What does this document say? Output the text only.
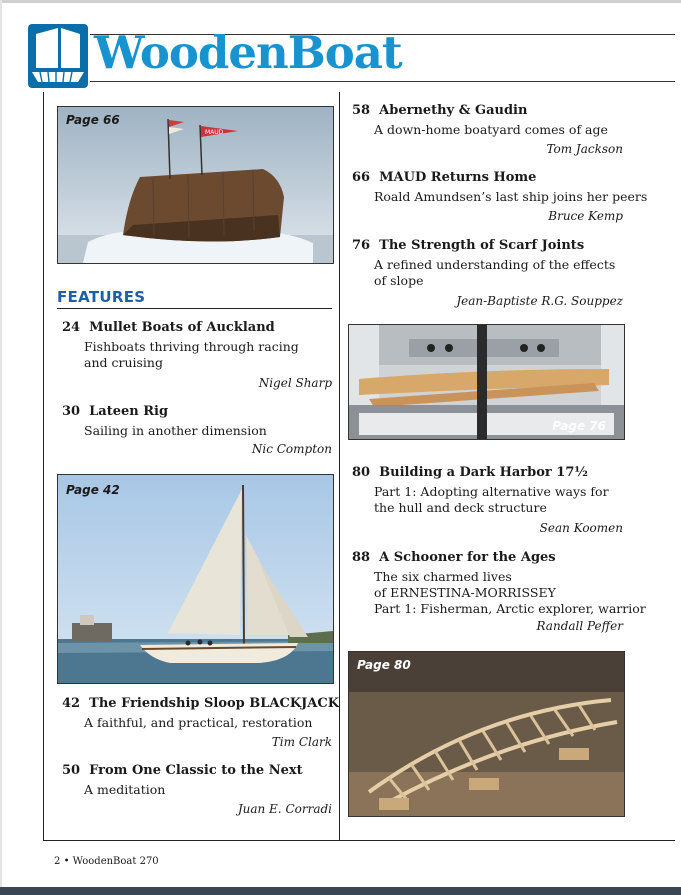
WoodenBoat
MAUD
Page 66
FEATURES
24 Mullet Boats of Auckland
Fishboats thriving through racing
and cruising
Nigel Sharp
30 Lateen Rig
Sailing in another dimension
Nic Compton
Page 42
42 The Friendship Sloop BLACKJACK
A faithful, and practical, restoration
Tim Clark
50 From One Classic to the Next
A meditation
Juan E. Corradi
58 Abernethy & Gaudin
A down-home boatyard comes of age
Tom Jackson
66 MAUD Returns Home
Roald Amundsen’s last ship joins her peers
Bruce Kemp
76 The Strength of Scarf Joints
A refined understanding of the effects
of slope
Jean-Baptiste R.G. Souppez
Page 76
80 Building a Dark Harbor 17½
Part 1: Adopting alternative ways for
the hull and deck structure
Sean Koomen
88 A Schooner for the Ages
The six charmed lives
of ERNESTINA-MORRISSEY
Part 1: Fisherman, Arctic explorer, warrior
Randall Peffer
Page 80
2 • WoodenBoat 270
